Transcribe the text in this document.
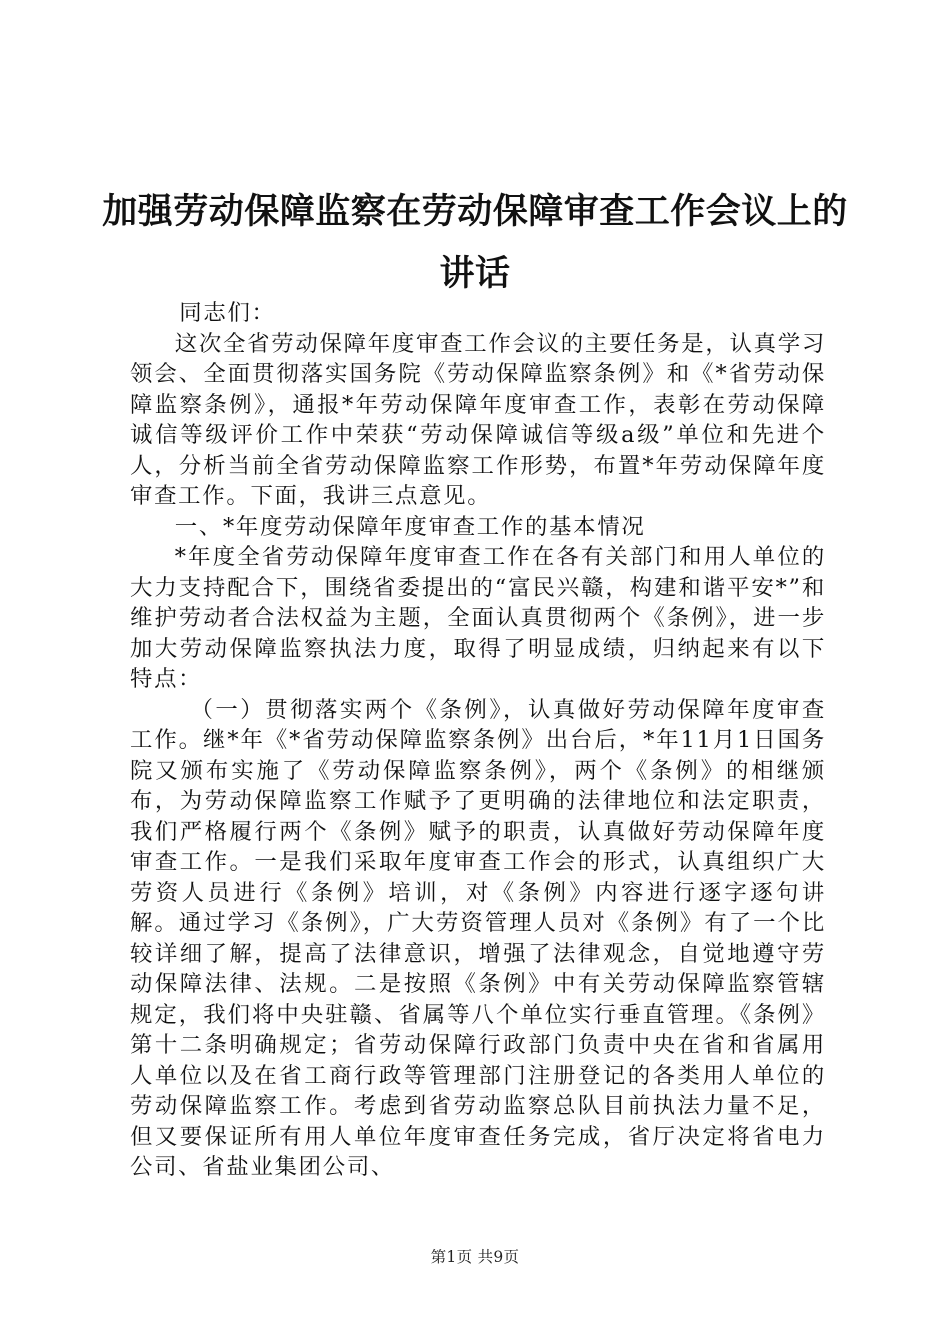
加强劳动保障监察在劳动保障审查工作会议上的讲话

同志们：

这次全省劳动保障年度审查工作会议的主要任务是，认真学习领会、全面贯彻落实国务院《劳动保障监察条例》和《*省劳动保障监察条例》，通报*年劳动保障年度审查工作，表彰在劳动保障诚信等级评价工作中荣获“劳动保障诚信等级a级”单位和先进个人，分析当前全省劳动保障监察工作形势，布置*年劳动保障年度审查工作。下面，我讲三点意见。

一、*年度劳动保障年度审查工作的基本情况

*年度全省劳动保障年度审查工作在各有关部门和用人单位的大力支持配合下，围绕省委提出的“富民兴赣，构建和谐平安*”和维护劳动者合法权益为主题，全面认真贯彻两个《条例》，进一步加大劳动保障监察执法力度，取得了明显成绩，归纳起来有以下特点：

（一）贯彻落实两个《条例》，认真做好劳动保障年度审查工作。继*年《*省劳动保障监察条例》出台后，*年11月1日国务院又颁布实施了《劳动保障监察条例》，两个《条例》的相继颁布，为劳动保障监察工作赋予了更明确的法律地位和法定职责，我们严格履行两个《条例》赋予的职责，认真做好劳动保障年度审查工作。一是我们采取年度审查工作会的形式，认真组织广大劳资人员进行《条例》培训，对《条例》内容进行逐字逐句讲解。通过学习《条例》，广大劳资管理人员对《条例》有了一个比较详细了解，提高了法律意识，增强了法律观念，自觉地遵守劳动保障法律、法规。二是按照《条例》中有关劳动保障监察管辖规定，我们将中央驻赣、省属等八个单位实行垂直管理。《条例》第十二条明确规定；省劳动保障行政部门负责中央在省和省属用人单位以及在省工商行政等管理部门注册登记的各类用人单位的劳动保障监察工作。考虑到省劳动监察总队目前执法力量不足，但又要保证所有用人单位年度审查任务完成，省厅决定将省电力公司、省盐业集团公司、

第1页 共9页
